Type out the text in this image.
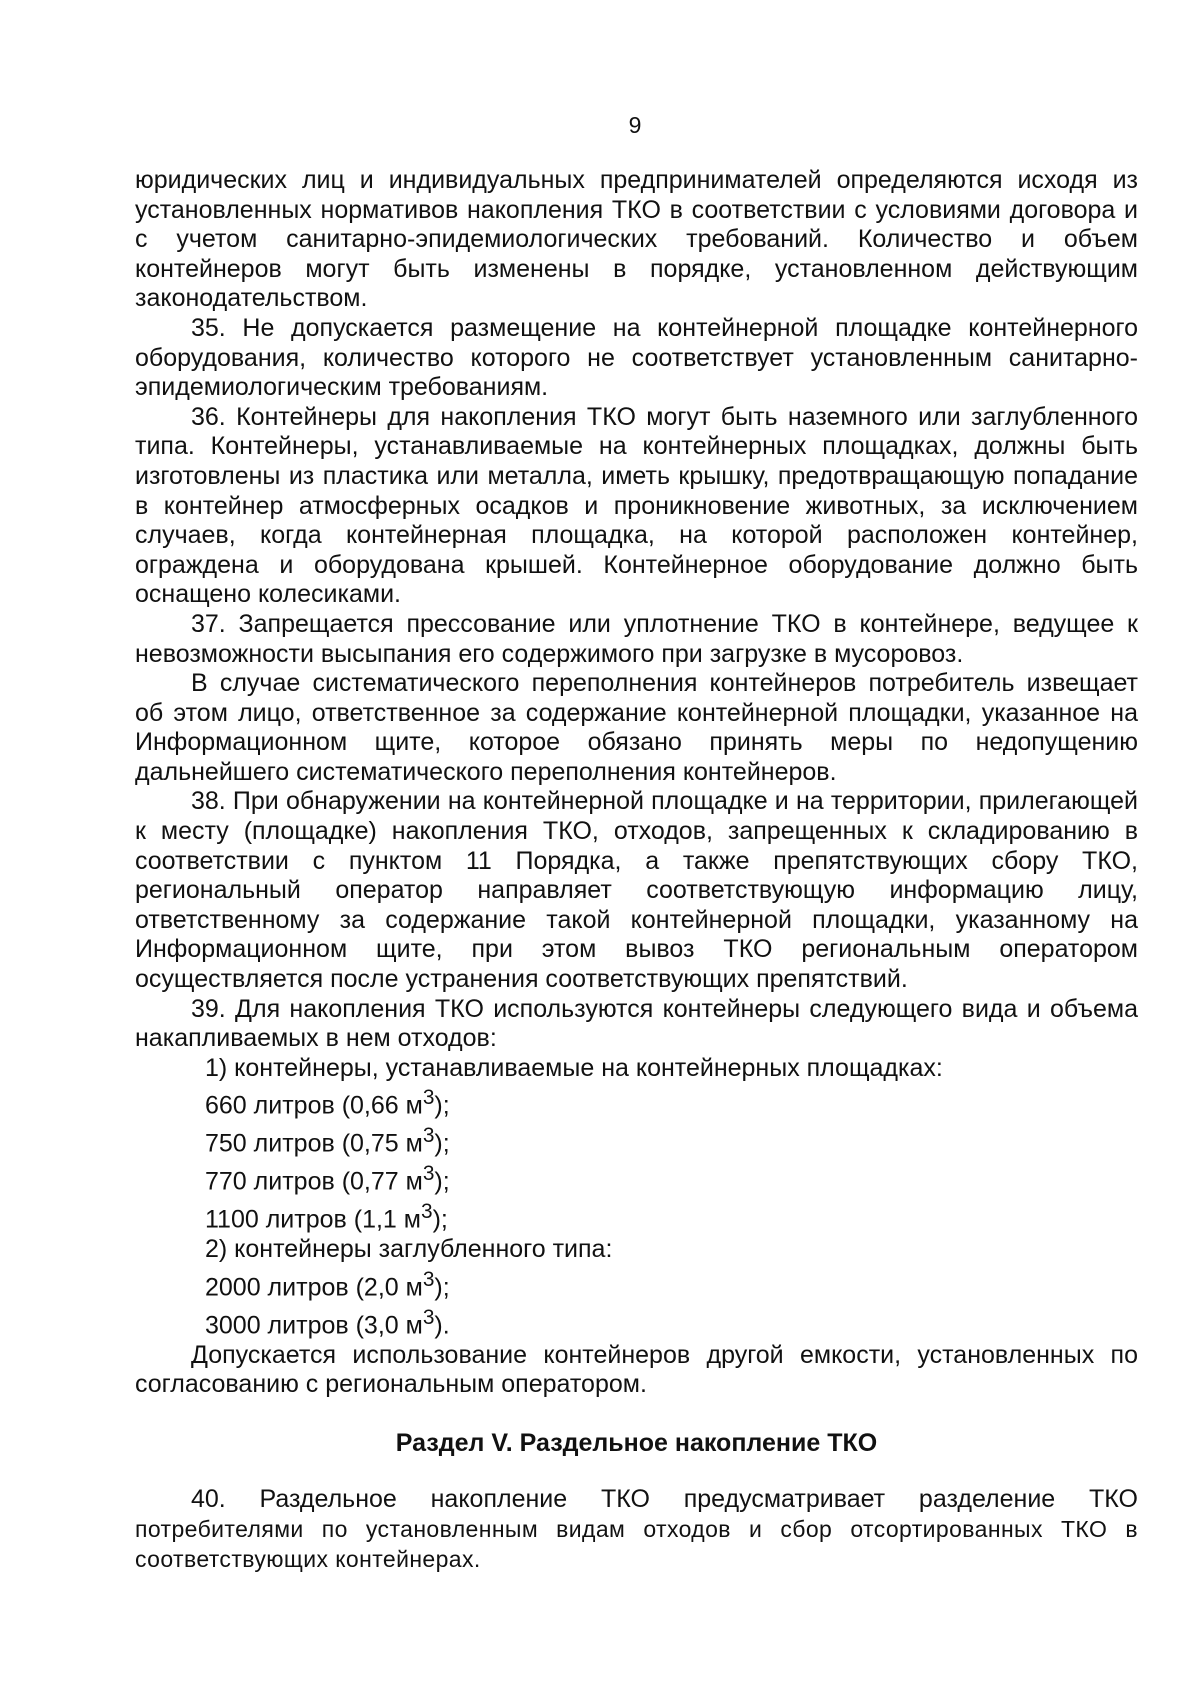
9

юридических лиц и индивидуальных предпринимателей определяются исходя из установленных нормативов накопления ТКО в соответствии с условиями договора и с учетом санитарно-эпидемиологических требований. Количество и объем контейнеров могут быть изменены в порядке, установленном действующим законодательством.

35. Не допускается размещение на контейнерной площадке контейнерного оборудования, количество которого не соответствует установленным санитарно-эпидемиологическим требованиям.

36. Контейнеры для накопления ТКО могут быть наземного или заглубленного типа. Контейнеры, устанавливаемые на контейнерных площадках, должны быть изготовлены из пластика или металла, иметь крышку, предотвращающую попадание в контейнер атмосферных осадков и проникновение животных, за исключением случаев, когда контейнерная площадка, на которой расположен контейнер, ограждена и оборудована крышей. Контейнерное оборудование должно быть оснащено колесиками.

37. Запрещается прессование или уплотнение ТКО в контейнере, ведущее к невозможности высыпания его содержимого при загрузке в мусоровоз.

В случае систематического переполнения контейнеров потребитель извещает об этом лицо, ответственное за содержание контейнерной площадки, указанное на Информационном щите, которое обязано принять меры по недопущению дальнейшего систематического переполнения контейнеров.

38. При обнаружении на контейнерной площадке и на территории, прилегающей к месту (площадке) накопления ТКО, отходов, запрещенных к складированию в соответствии с пунктом 11 Порядка, а также препятствующих сбору ТКО, региональный оператор направляет соответствующую информацию лицу, ответственному за содержание такой контейнерной площадки, указанному на Информационном щите, при этом вывоз ТКО региональным оператором осуществляется после устранения соответствующих препятствий.

39. Для накопления ТКО используются контейнеры следующего вида и объема накапливаемых в нем отходов:

1) контейнеры, устанавливаемые на контейнерных площадках:

660 литров (0,66 $м^3$);

750 литров (0,75 $м^3$);

770 литров (0,77 $м^3$);

1100 литров (1,1 $м^3$);

2) контейнеры заглубленного типа:

2000 литров (2,0 $м^3$);

3000 литров (3,0 $м^3$).

Допускается использование контейнеров другой емкости, установленных по согласованию с региональным оператором.

Раздел V. Раздельное накопление ТКО

40. Раздельное накопление ТКО предусматривает разделение ТКО потребителями по установленным видам отходов и сбор отсортированных ТКО в соответствующих контейнерах.
